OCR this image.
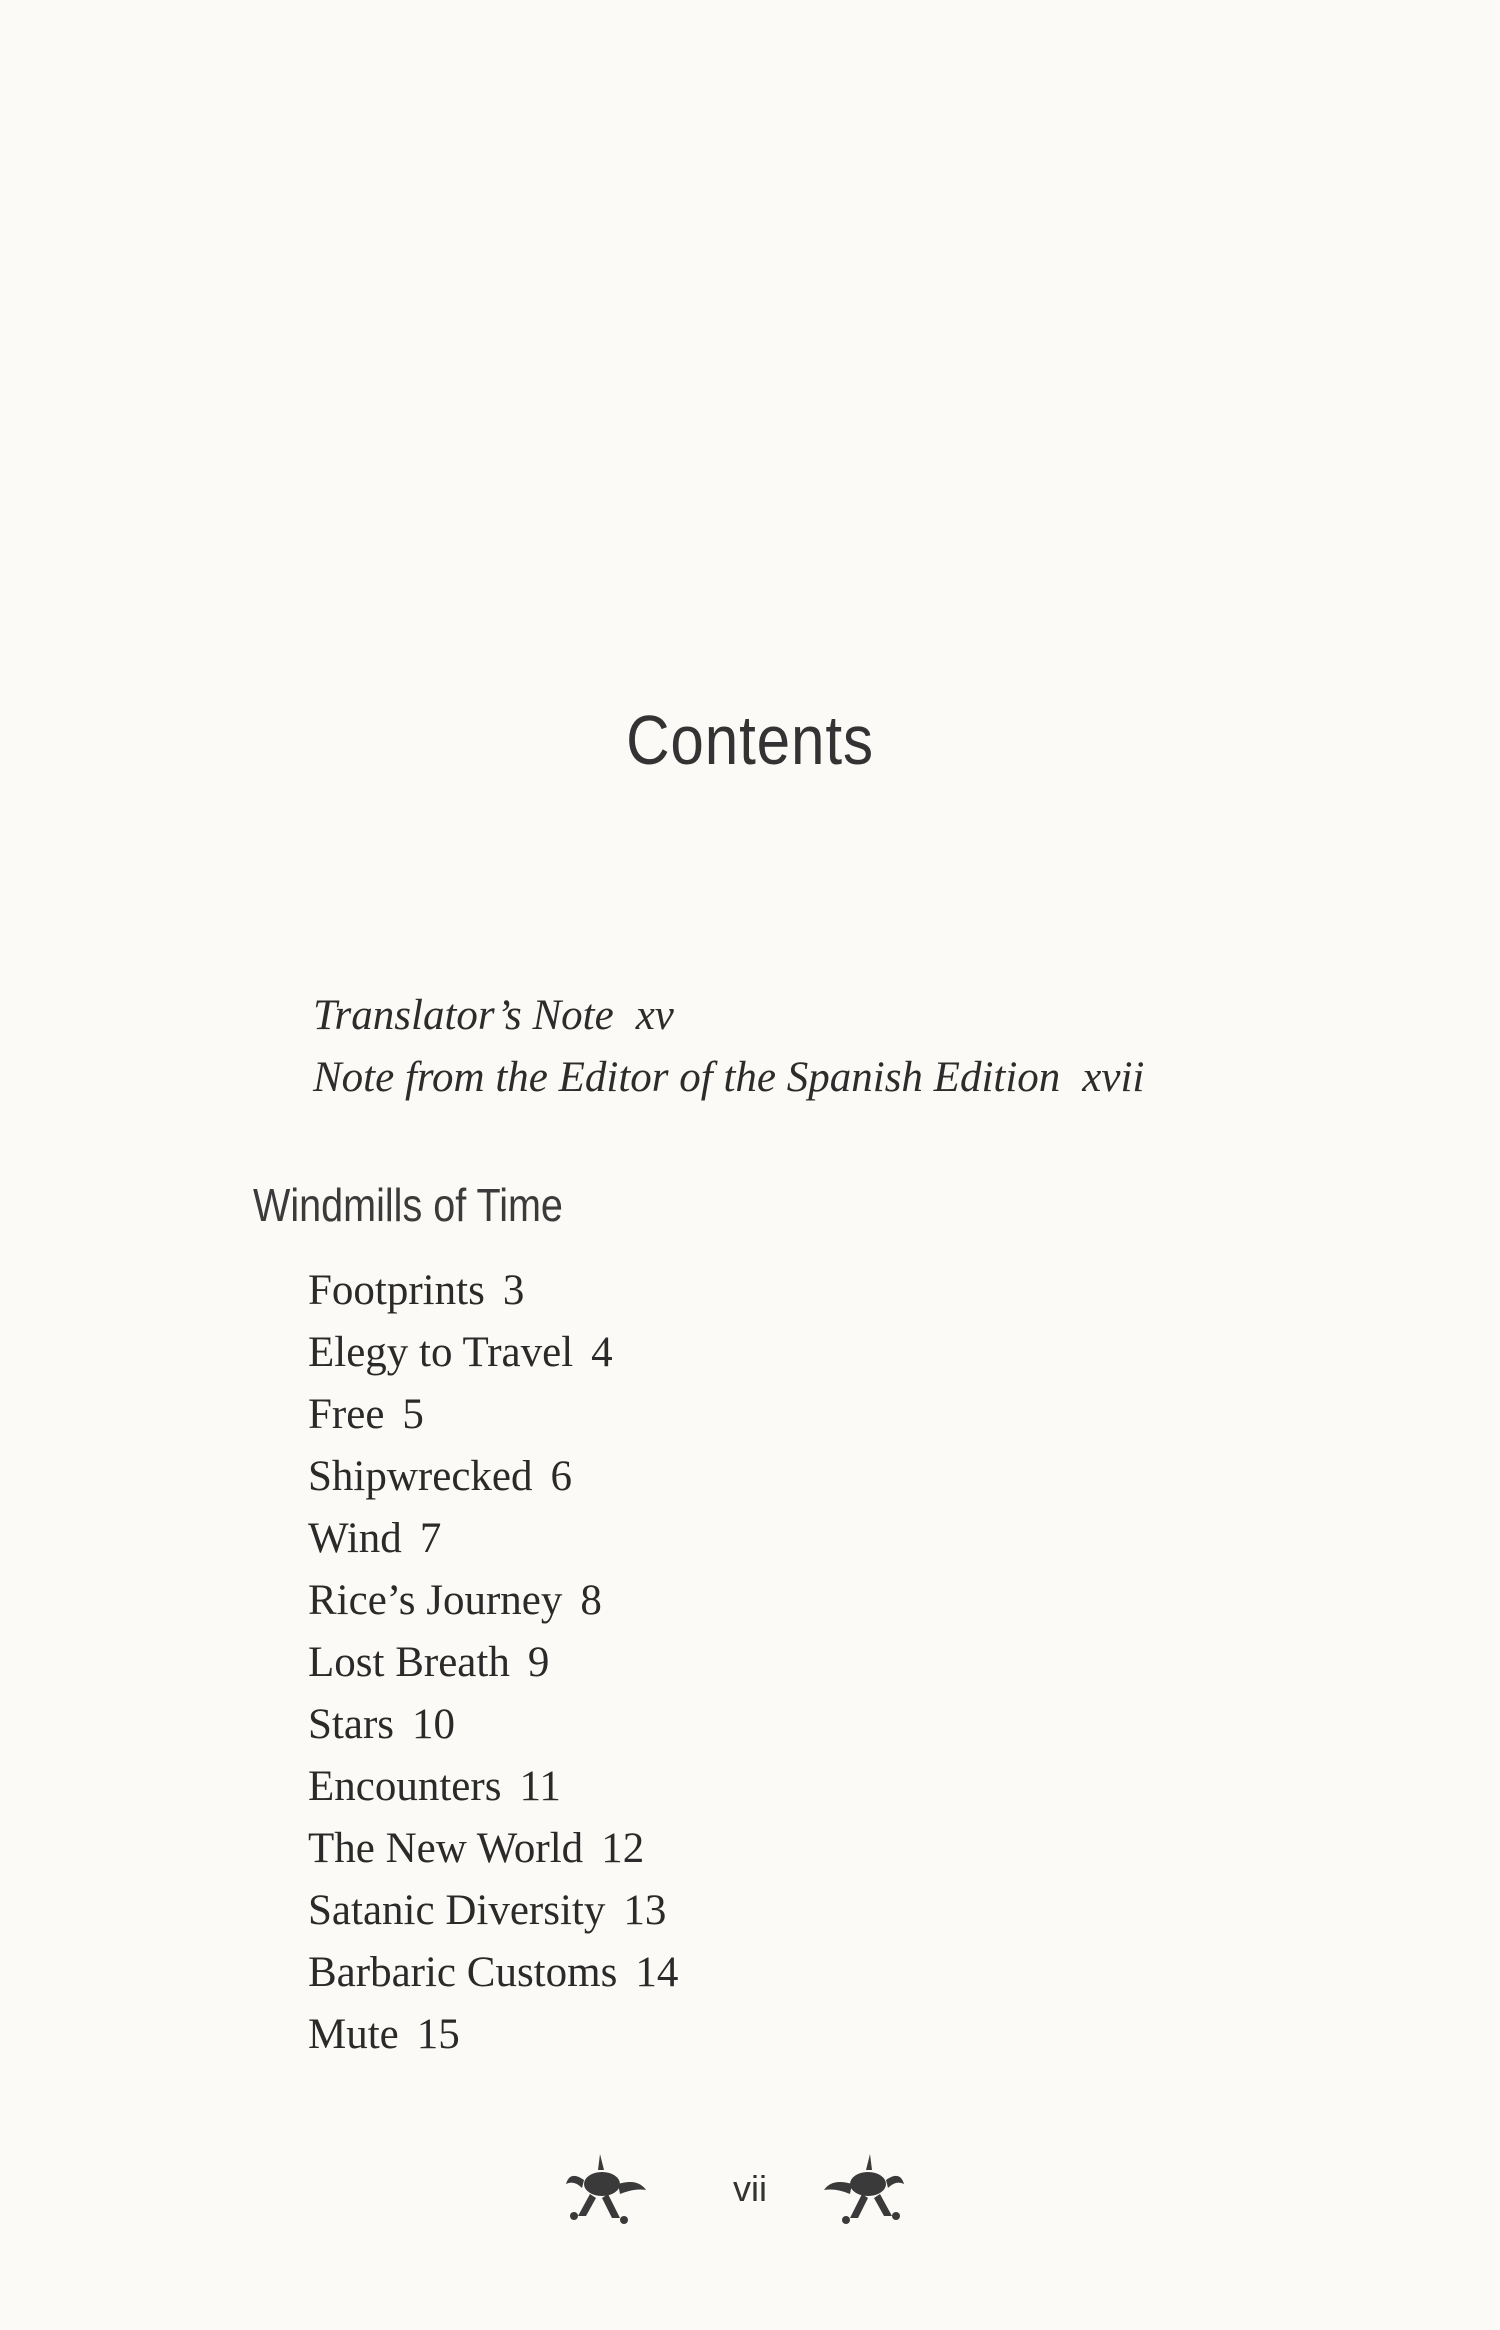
Contents
Translator’s Note xv
Note from the Editor of the Spanish Edition xvii
Windmills of Time
Footprints 3
Elegy to Travel 4
Free 5
Shipwrecked 6
Wind 7
Rice’s Journey 8
Lost Breath 9
Stars 10
Encounters 11
The New World 12
Satanic Diversity 13
Barbaric Customs 14
Mute 15
vii
